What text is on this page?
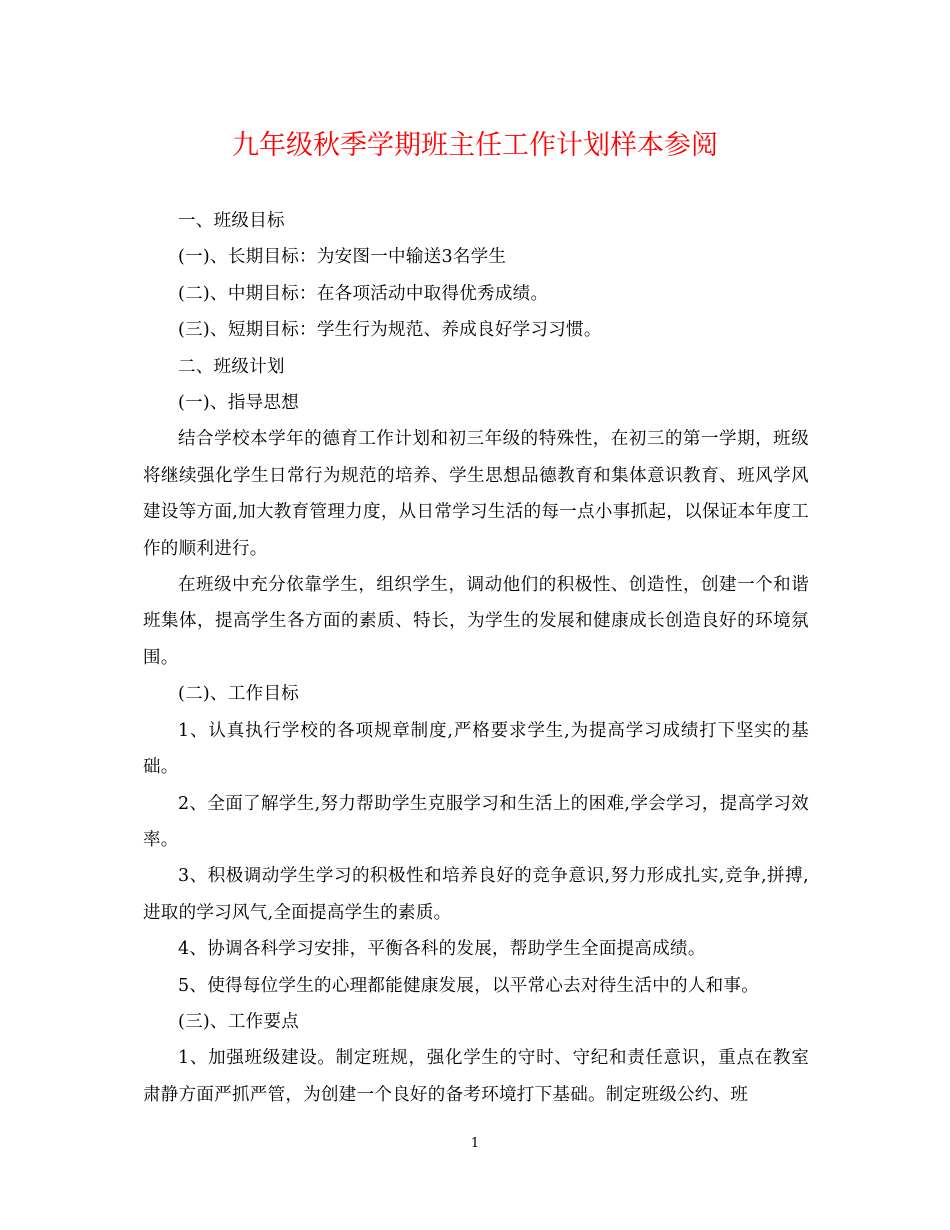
九年级秋季学期班主任工作计划样本参阅

一、班级目标

(一)、长期目标：为安图一中输送3名学生

(二)、中期目标：在各项活动中取得优秀成绩。

(三)、短期目标：学生行为规范、养成良好学习习惯。

二、班级计划

(一)、指导思想

结合学校本学年的德育工作计划和初三年级的特殊性，在初三的第一学期，班级将继续强化学生日常行为规范的培养、学生思想品德教育和集体意识教育、班风学风建设等方面,加大教育管理力度，从日常学习生活的每一点小事抓起，以保证本年度工作的顺利进行。

在班级中充分依靠学生，组织学生，调动他们的积极性、创造性，创建一个和谐班集体，提高学生各方面的素质、特长，为学生的发展和健康成长创造良好的环境氛围。

(二)、工作目标

1、认真执行学校的各项规章制度,严格要求学生,为提高学习成绩打下坚实的基础。

2、全面了解学生,努力帮助学生克服学习和生活上的困难,学会学习，提高学习效率。

3、积极调动学生学习的积极性和培养良好的竞争意识,努力形成扎实,竞争,拼搏,进取的学习风气,全面提高学生的素质。

4、协调各科学习安排，平衡各科的发展，帮助学生全面提高成绩。

5、使得每位学生的心理都能健康发展，以平常心去对待生活中的人和事。

(三)、工作要点

1、加强班级建设。制定班规，强化学生的守时、守纪和责任意识，重点在教室肃静方面严抓严管，为创建一个良好的备考环境打下基础。制定班级公约、班

1
